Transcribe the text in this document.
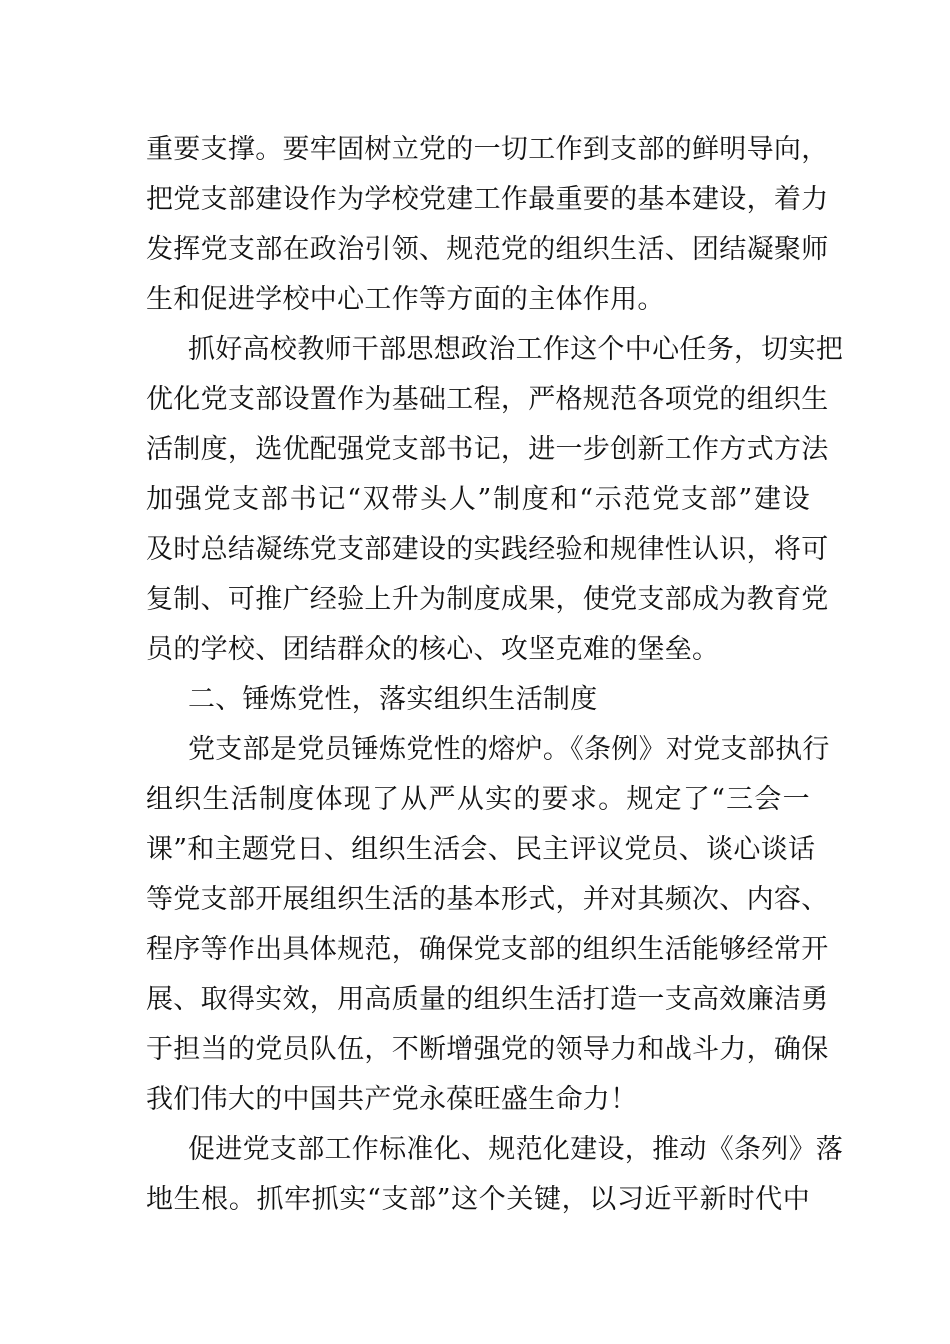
重要支撑。要牢固树立党的一切工作到支部的鲜明导向，
把党支部建设作为学校党建工作最重要的基本建设，着力
发挥党支部在政治引领、规范党的组织生活、团结凝聚师
生和促进学校中心工作等方面的主体作用。
抓好高校教师干部思想政治工作这个中心任务，切实把
优化党支部设置作为基础工程，严格规范各项党的组织生
活制度，选优配强党支部书记，进一步创新工作方式方法
加强党支部书记“双带头人”制度和“示范党支部”建设
及时总结凝练党支部建设的实践经验和规律性认识，将可
复制、可推广经验上升为制度成果，使党支部成为教育党
员的学校、团结群众的核心、攻坚克难的堡垒。
二、锤炼党性，落实组织生活制度
党支部是党员锤炼党性的熔炉。《条例》对党支部执行
组织生活制度体现了从严从实的要求。规定了“三会一
课”和主题党日、组织生活会、民主评议党员、谈心谈话
等党支部开展组织生活的基本形式，并对其频次、内容、
程序等作出具体规范，确保党支部的组织生活能够经常开
展、取得实效，用高质量的组织生活打造一支高效廉洁勇
于担当的党员队伍，不断增强党的领导力和战斗力，确保
我们伟大的中国共产党永葆旺盛生命力！
促进党支部工作标准化、规范化建设，推动《条列》落
地生根。抓牢抓实“支部”这个关键，以习近平新时代中
